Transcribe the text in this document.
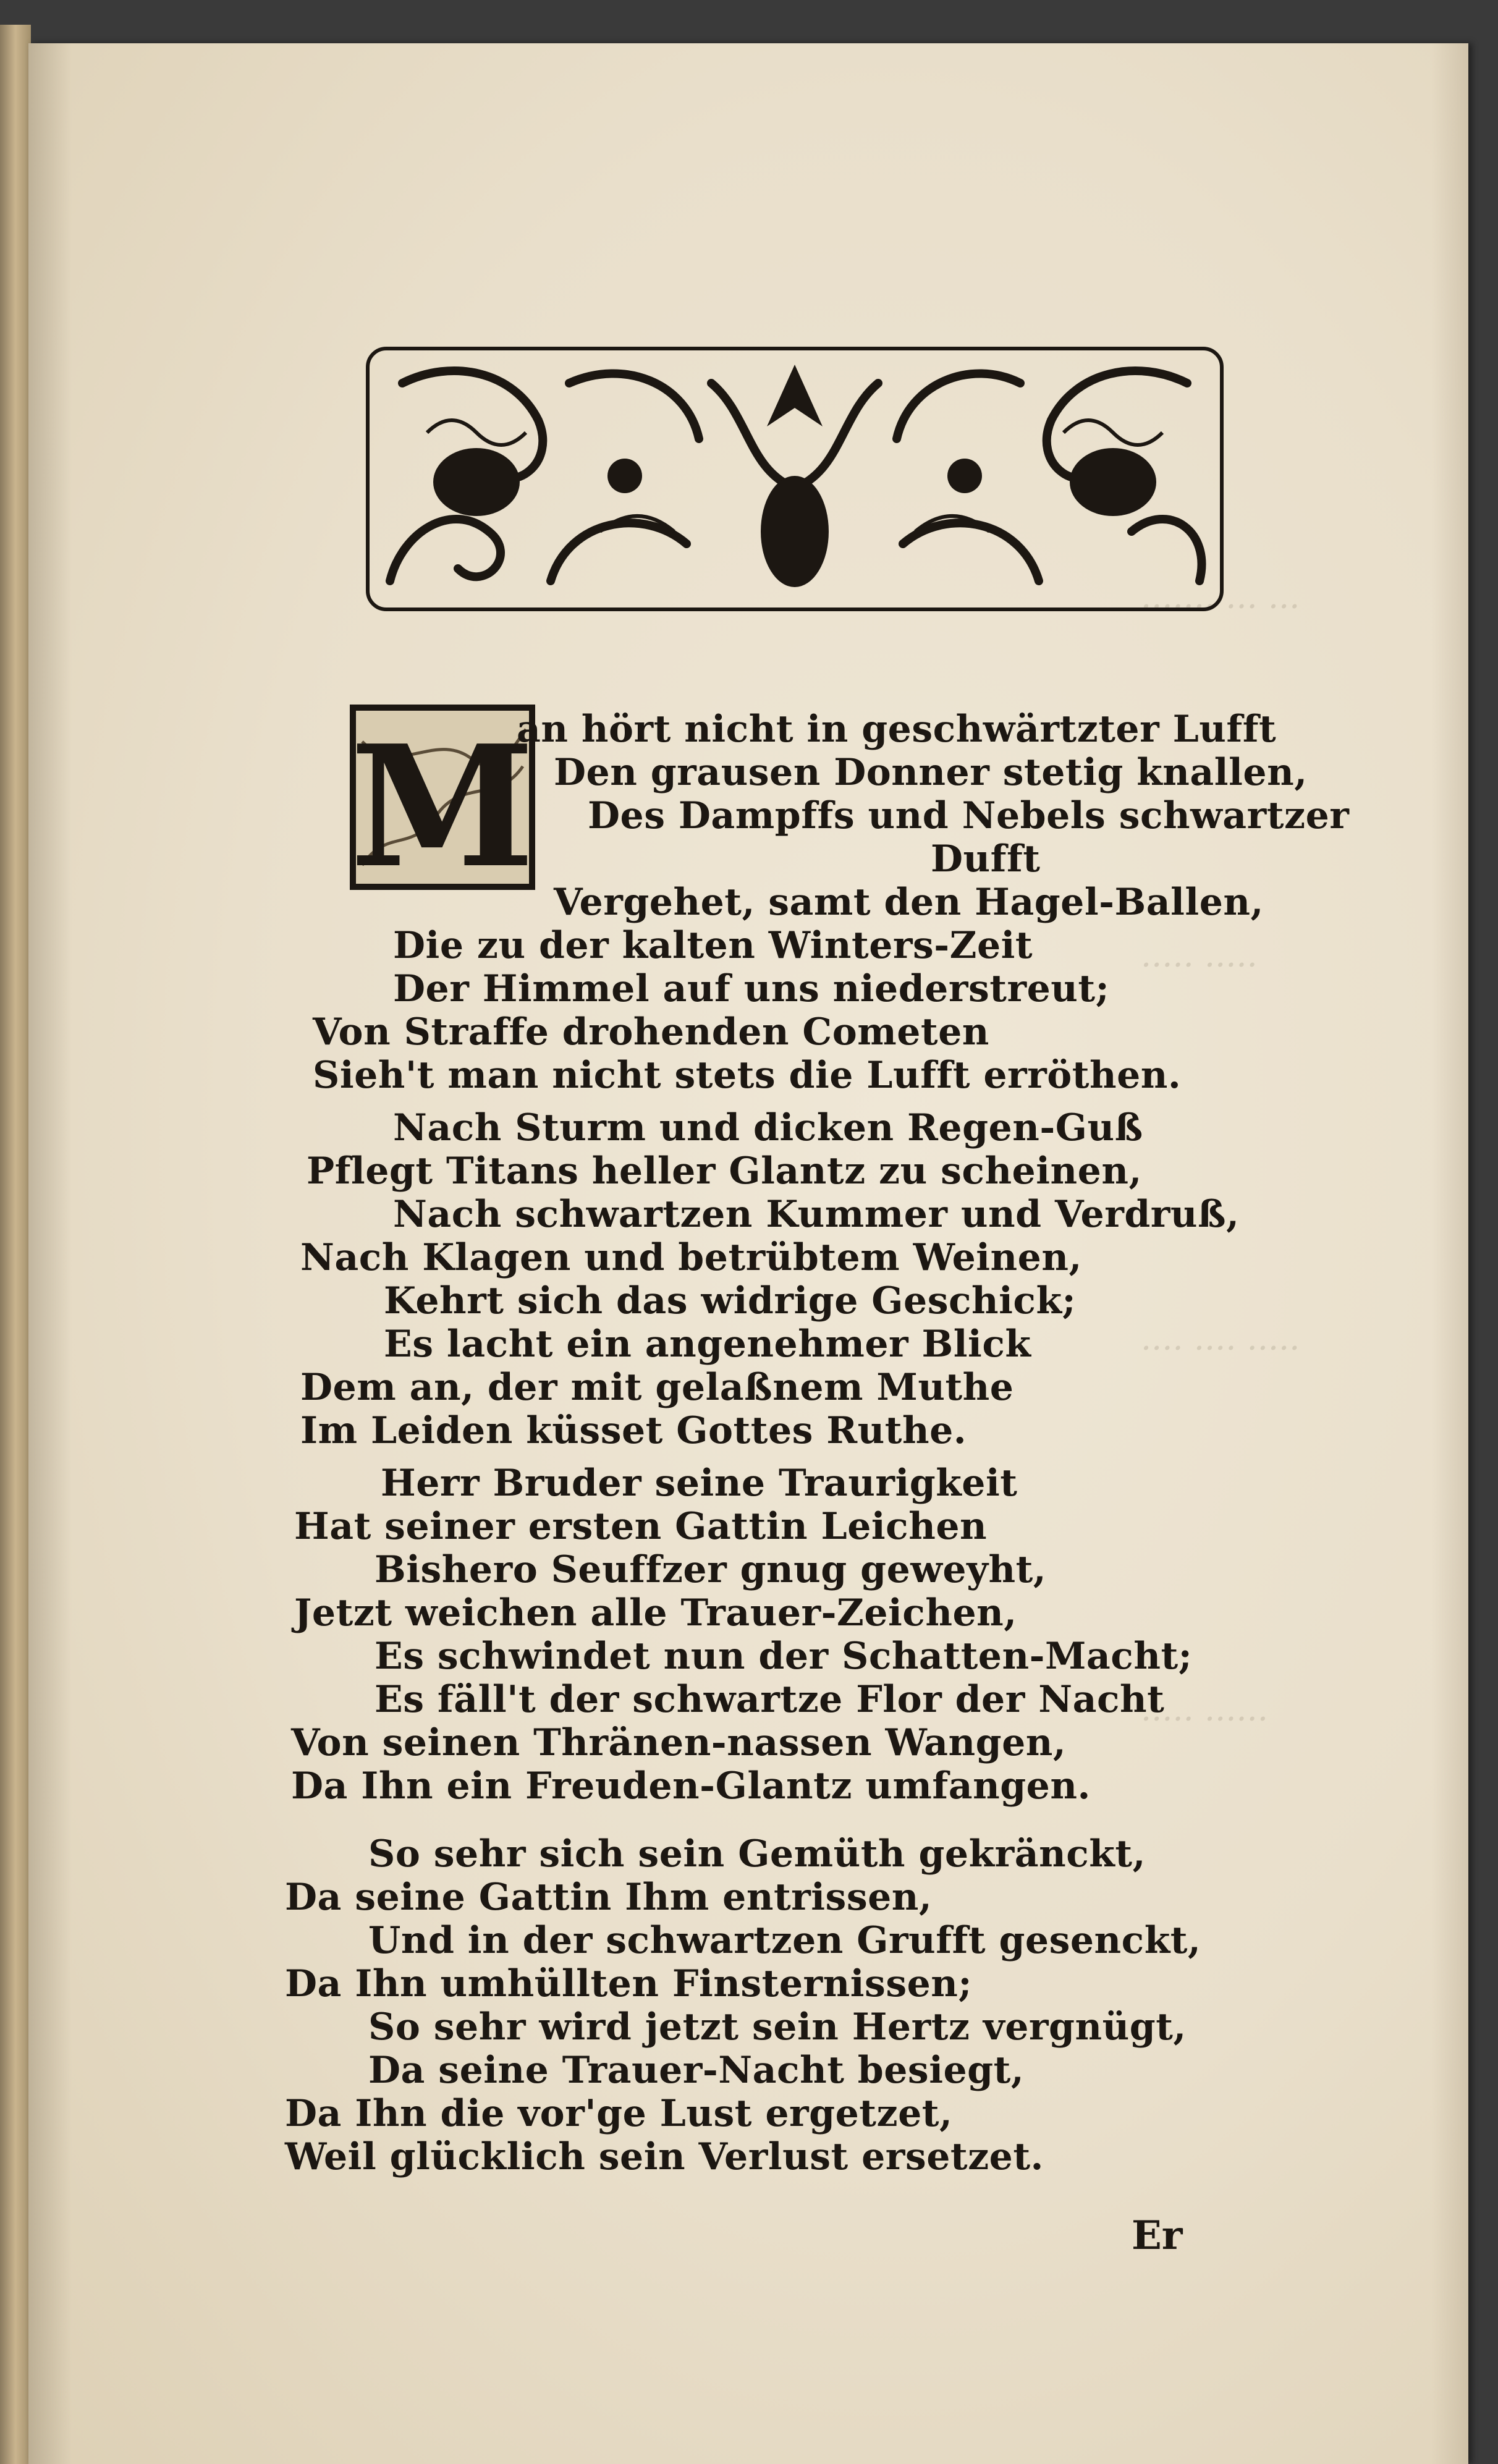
······· ··· ···
····· ·····
···· ···· ·····
····· ······
M
an hört nicht in geschwärtzter Lufft
Den grausen Donner stetig knallen,
Des Dampffs und Nebels schwartzer
Dufft
Vergehet, samt den Hagel-Ballen,
Die zu der kalten Winters-Zeit
Der Himmel auf uns niederstreut;
Von Straffe drohenden Cometen
Sieh't man nicht stets die Lufft erröthen.
Nach Sturm und dicken Regen-Guß
Pflegt Titans heller Glantz zu scheinen,
Nach schwartzen Kummer und Verdruß,
Nach Klagen und betrübtem Weinen,
Kehrt sich das widrige Geschick;
Es lacht ein angenehmer Blick
Dem an, der mit gelaßnem Muthe
Im Leiden küsset Gottes Ruthe.
Herr Bruder seine Traurigkeit
Hat seiner ersten Gattin Leichen
Bishero Seuffzer gnug geweyht,
Jetzt weichen alle Trauer-Zeichen,
Es schwindet nun der Schatten-Macht;
Es fäll't der schwartze Flor der Nacht
Von seinen Thränen-nassen Wangen,
Da Ihn ein Freuden-Glantz umfangen.
So sehr sich sein Gemüth gekränckt,
Da seine Gattin Ihm entrissen,
Und in der schwartzen Grufft gesenckt,
Da Ihn umhüllten Finsternissen;
So sehr wird jetzt sein Hertz vergnügt,
Da seine Trauer-Nacht besiegt,
Da Ihn die vor'ge Lust ergetzet,
Weil glücklich sein Verlust ersetzet.
Er
